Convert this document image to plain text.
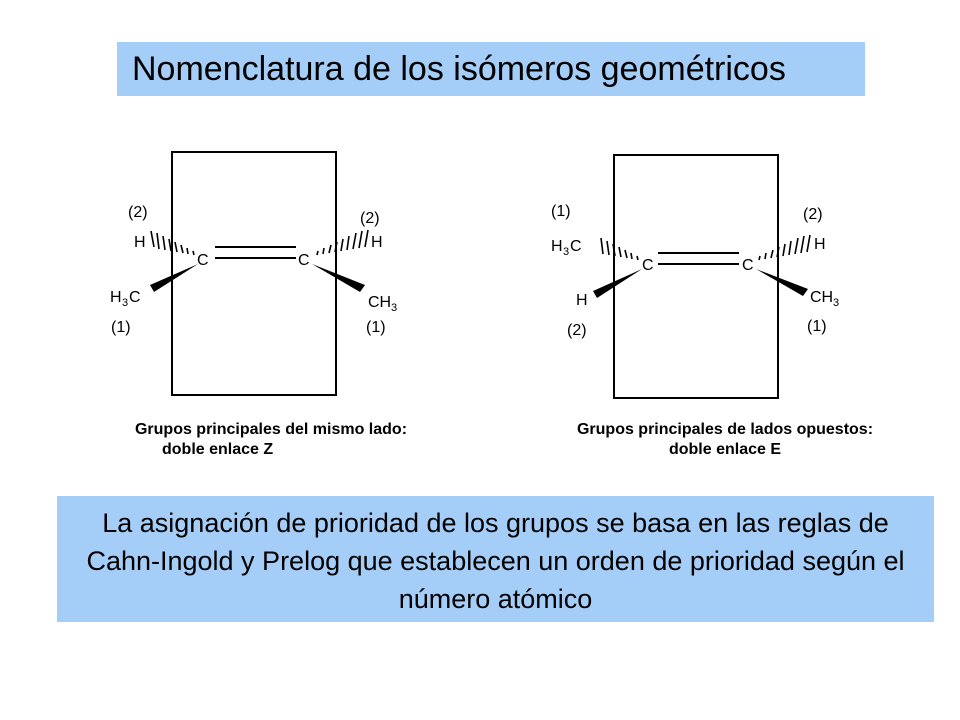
Nomenclatura de los isómeros geométricos
C	C
(2)
H
(2)
H
H 3 C
(1)
CH 3
(1)
C	C
(1)
H 3 C
(2)
H
H
(2)
CH 3
(1)
Grupos principales del mismo lado:
doble enlace Z
Grupos principales de lados opuestos:
doble enlace E
La asignación de prioridad de los grupos se basa en las reglas de Cahn-Ingold y Prelog que establecen un orden de prioridad según el número atómico
